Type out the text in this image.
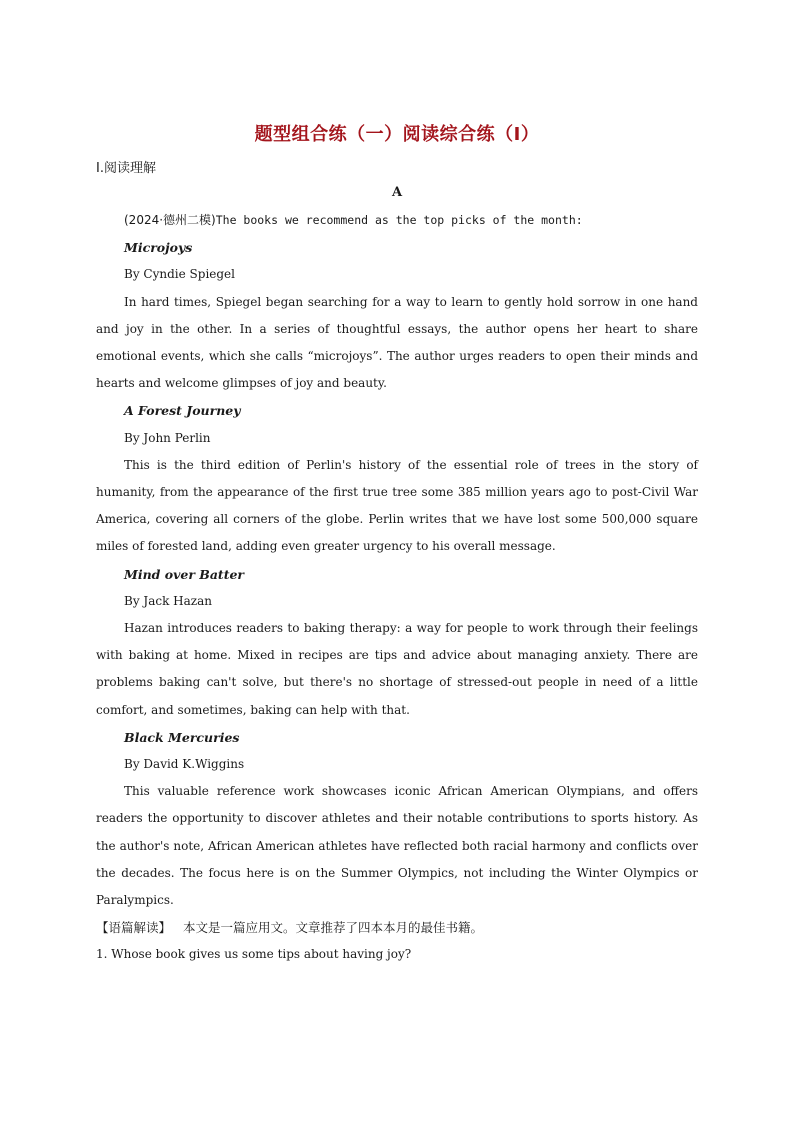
题型组合练（一）阅读综合练（Ⅰ）
Ⅰ.阅读理解
A

(2024·德州二模)The books we recommend as the top picks of the month:

Microjoys

By Cyndie Spiegel

In hard times, Spiegel began searching for a way to learn to gently hold sorrow in one hand and joy in the other. In a series of thoughtful essays, the author opens her heart to share emotional events, which she calls “microjoys”. The author urges readers to open their minds and hearts and welcome glimpses of joy and beauty.

A Forest Journey

By John Perlin

This is the third edition of Perlin's history of the essential role of trees in the story of humanity, from the appearance of the first true tree some 385 million years ago to post-Civil War America, covering all corners of the globe. Perlin writes that we have lost some 500,000 square miles of forested land, adding even greater urgency to his overall message.

Mind over Batter

By Jack Hazan

Hazan introduces readers to baking therapy: a way for people to work through their feelings with baking at home. Mixed in recipes are tips and advice about managing anxiety. There are problems baking can't solve, but there's no shortage of stressed-out people in need of a little comfort, and sometimes, baking can help with that.

Black Mercuries

By David K.Wiggins

This valuable reference work showcases iconic African American Olympians, and offers readers the opportunity to discover athletes and their notable contributions to sports history. As the author's note, African American athletes have reflected both racial harmony and conflicts over the decades. The focus here is on the Summer Olympics, not including the Winter Olympics or Paralympics.

【语篇解读】 本文是一篇应用文。文章推荐了四本本月的最佳书籍。

1. Whose book gives us some tips about having joy?
